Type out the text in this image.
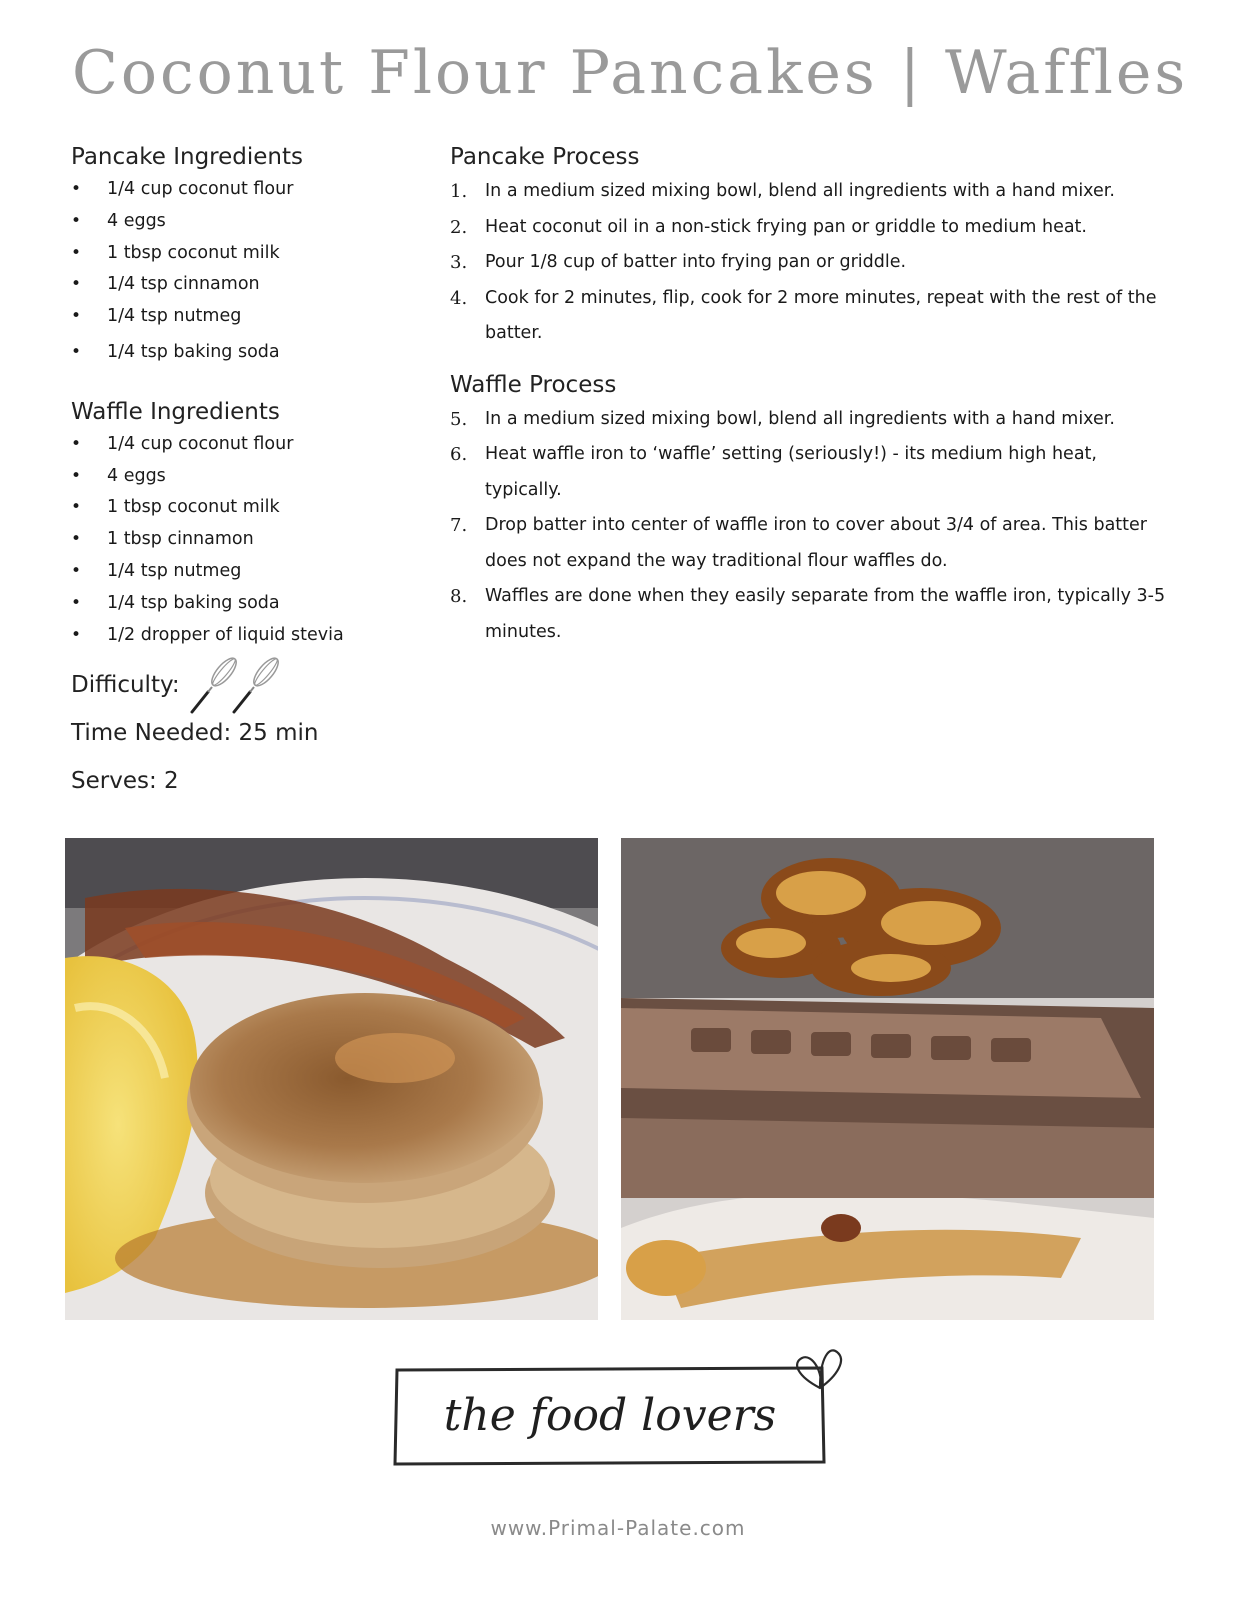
Coconut Flour Pancakes | Waffles
Pancake Ingredients
• 1/4 cup coconut flour
• 4 eggs
• 1 tbsp coconut milk
• 1/4 tsp cinnamon
• 1/4 tsp nutmeg
• 1/4 tsp baking soda
Waffle Ingredients
• 1/4 cup coconut flour
• 4 eggs
• 1 tbsp coconut milk
• 1 tbsp cinnamon
• 1/4 tsp nutmeg
• 1/4 tsp baking soda
• 1/2 dropper of liquid stevia
Difficulty:
Time Needed: 25 min
Serves: 2
Pancake Process
1. In a medium sized mixing bowl, blend all ingredients with a hand mixer.
2. Heat coconut oil in a non-stick frying pan or griddle to medium heat.
3. Pour 1/8 cup of batter into frying pan or griddle.
4. Cook for 2 minutes, flip, cook for 2 more minutes, repeat with the rest of the batter.
Waffle Process
5. In a medium sized mixing bowl, blend all ingredients with a hand mixer.
6. Heat waffle iron to ‘waffle’ setting (seriously!) - its medium high heat, typically.
7. Drop batter into center of waffle iron to cover about 3/4 of area. This batter does not expand the way traditional flour waffles do.
8. Waffles are done when they easily separate from the waffle iron, typically 3-5 minutes.
the food lovers
www.Primal-Palate.com
